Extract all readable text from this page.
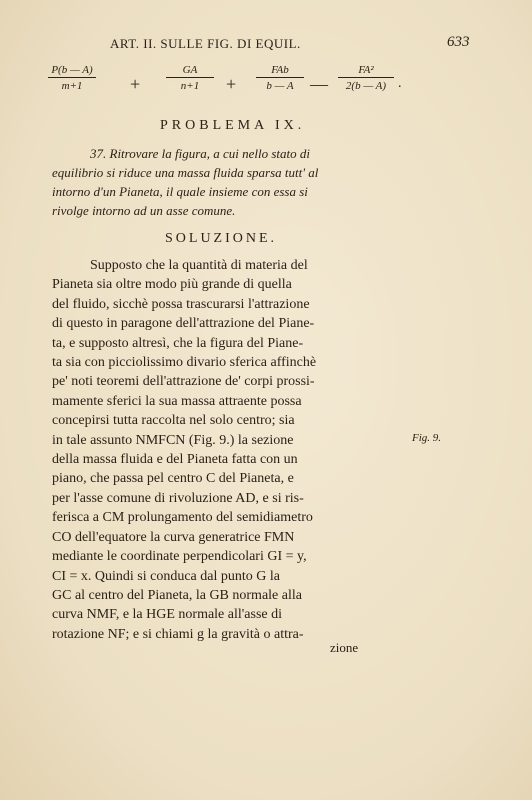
ART. II. SULLE FIG. DI EQUIL.	633
$\frac{P(b — A)}{m+1} + \frac{GA}{n+1}$ +
FAb
b — A — $\frac{\text{FA²}}{2(b — A)}$ .
PROBLEMA IX.
37. Ritrovare la figura, a cui nello stato di
equilibrio si riduce una massa fluida sparsa tutt' al
intorno d'un Pianeta, il quale insieme con essa si
rivolge intorno ad un asse comune.
SOLUZIONE.
Supposto che la quantità di materia del
Pianeta sia oltre modo più grande di quella
del fluido, sicchè possa trascurarsi l'attrazione
di questo in paragone dell'attrazione del Piane-
ta, e supposto altresì, che la figura del Piane-
ta sia con picciolissimo divario sferica affinchè
pe' noti teoremi dell'attrazione de' corpi prossi-
mamente sferici la sua massa attraente possa
concepirsi tutta raccolta nel solo centro; sia
in tale assunto NMFCN (Fig. 9.) la sezione
della massa fluida e del Pianeta fatta con un
piano, che passa pel centro C del Pianeta, e
per l'asse comune di rivoluzione AD, e si ris-
ferisca a CM prolungamento del semidiametro
CO dell'equatore la curva generatrice FMN
mediante le coordinate perpendicolari GI = y,
CI = x. Quindi si conduca dal punto G la
GC al centro del Pianeta, la GB normale alla
curva NMF, e la HGE normale all'asse di
rotazione NF; e si chiami g la gravità o attra-
Fig. 9.
zione
